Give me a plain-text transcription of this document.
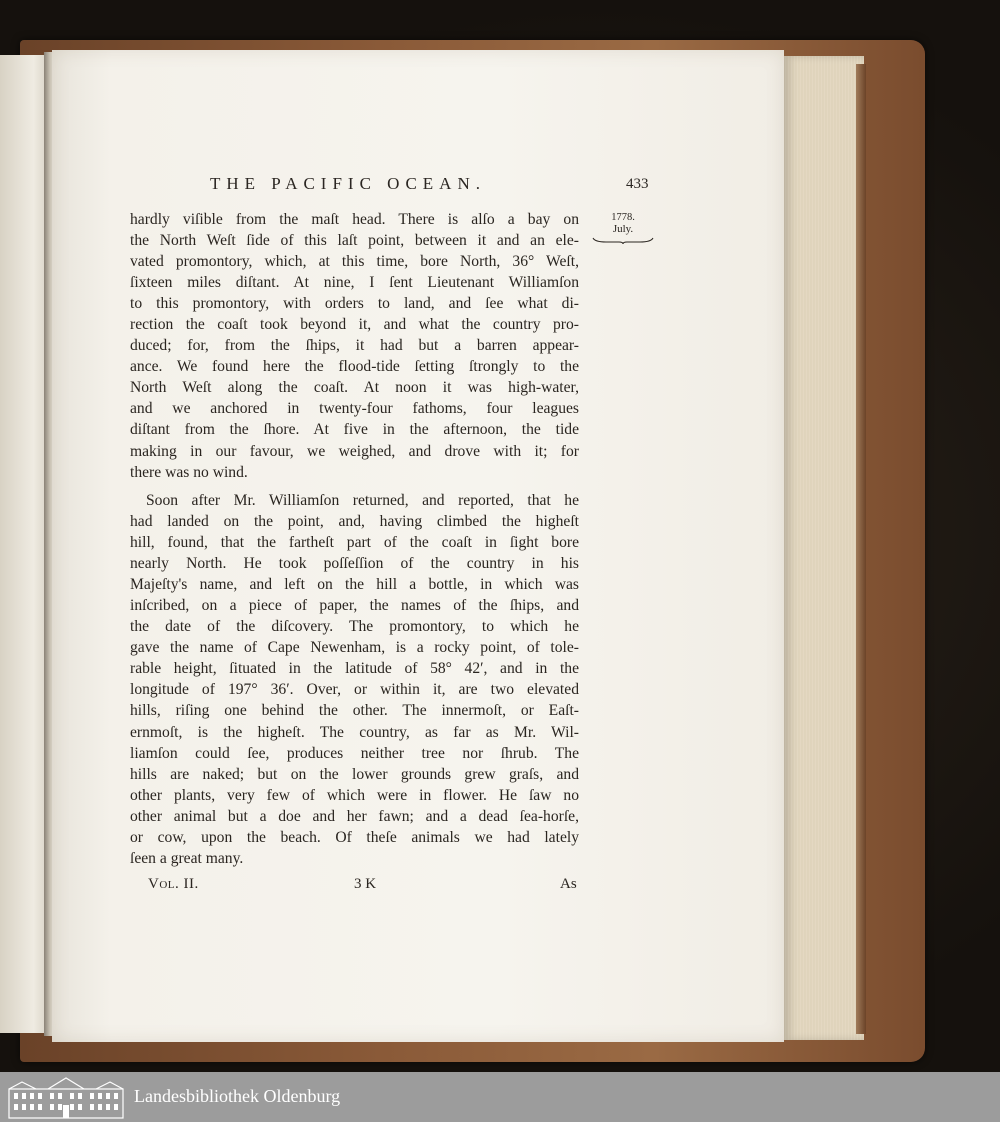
THE PACIFIC OCEAN.	433
1778.
July.
hardly viſible from the maſt head. There is alſo a bay on
the North Weſt ſide of this laſt point, between it and an ele-
vated promontory, which, at this time, bore North, 36° Weſt,
ſixteen miles diſtant. At nine, I ſent Lieutenant Williamſon
to this promontory, with orders to land, and ſee what di-
rection the coaſt took beyond it, and what the country pro-
duced; for, from the ſhips, it had but a barren appear-
ance. We found here the flood-tide ſetting ſtrongly to the
North Weſt along the coaſt. At noon it was high-water,
and we anchored in twenty-four fathoms, four leagues
diſtant from the ſhore. At five in the afternoon, the tide
making in our favour, we weighed, and drove with it; for
there was no wind.
Soon after Mr. Williamſon returned, and reported, that he
had landed on the point, and, having climbed the higheſt
hill, found, that the fartheſt part of the coaſt in ſight bore
nearly North. He took poſſeſſion of the country in his
Majeſty's name, and left on the hill a bottle, in which was
inſcribed, on a piece of paper, the names of the ſhips, and
the date of the diſcovery. The promontory, to which he
gave the name of Cape Newenham, is a rocky point, of tole-
rable height, ſituated in the latitude of 58° 42′, and in the
longitude of 197° 36′. Over, or within it, are two elevated
hills, riſing one behind the other. The innermoſt, or Eaſt-
ernmoſt, is the higheſt. The country, as far as Mr. Wil-
liamſon could ſee, produces neither tree nor ſhrub. The
hills are naked; but on the lower grounds grew graſs, and
other plants, very few of which were in flower. He ſaw no
other animal but a doe and her fawn; and a dead ſea-horſe,
or cow, upon the beach. Of theſe animals we had lately
ſeen a great many.
Vol. II.	3 K	As
Landesbibliothek Oldenburg
